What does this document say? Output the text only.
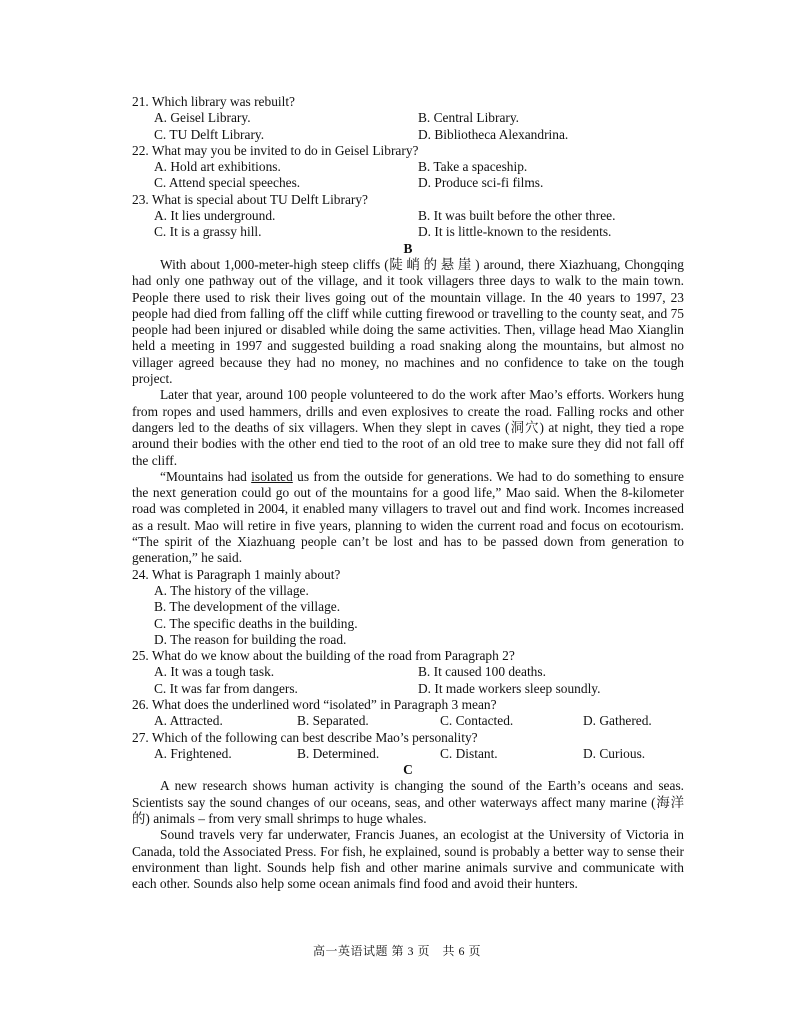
21. Which library was rebuilt?

A. Geisel Library.	B. Central Library.
C. TU Delft Library.	D. Bibliotheca Alexandrina.

22. What may you be invited to do in Geisel Library?

A. Hold art exhibitions.	B. Take a spaceship.
C. Attend special speeches.	D. Produce sci-fi films.

23. What is special about TU Delft Library?

A. It lies underground.	B. It was built before the other three.
C. It is a grassy hill.	D. It is little-known to the residents.

B

With about 1,000-meter-high steep cliffs (陡峭的悬崖) around, there Xiazhuang, Chongqing had only one pathway out of the village, and it took villagers three days to walk to the main town. People there used to risk their lives going out of the mountain village. In the 40 years to 1997, 23 people had died from falling off the cliff while cutting firewood or travelling to the county seat, and 75 people had been injured or disabled while doing the same activities. Then, village head Mao Xianglin held a meeting in 1997 and suggested building a road snaking along the mountains, but almost no villager agreed because they had no money, no machines and no confidence to take on the tough project.

Later that year, around 100 people volunteered to do the work after Mao’s efforts. Workers hung from ropes and used hammers, drills and even explosives to create the road. Falling rocks and other dangers led to the deaths of six villagers. When they slept in caves (洞穴) at night, they tied a rope around their bodies with the other end tied to the root of an old tree to make sure they did not fall off the cliff.

“Mountains had isolated us from the outside for generations. We had to do something to ensure the next generation could go out of the mountains for a good life,” Mao said. When the 8-kilometer road was completed in 2004, it enabled many villagers to travel out and find work. Incomes increased as a result. Mao will retire in five years, planning to widen the current road and focus on ecotourism. “The spirit of the Xiazhuang people can’t be lost and has to be passed down from generation to generation,” he said.

24. What is Paragraph 1 mainly about?

A. The history of the village.
B. The development of the village.
C. The specific deaths in the building.
D. The reason for building the road.

25. What do we know about the building of the road from Paragraph 2?

A. It was a tough task.	B. It caused 100 deaths.
C. It was far from dangers.	D. It made workers sleep soundly.

26. What does the underlined word “isolated” in Paragraph 3 mean?

A. Attracted.	B. Separated.	C. Contacted.	D. Gathered.

27. Which of the following can best describe Mao’s personality?

A. Frightened.	B. Determined.	C. Distant.	D. Curious.

C

A new research shows human activity is changing the sound of the Earth’s oceans and seas. Scientists say the sound changes of our oceans, seas, and other waterways affect many marine (海洋的) animals – from very small shrimps to huge whales.

Sound travels very far underwater, Francis Juanes, an ecologist at the University of Victoria in Canada, told the Associated Press. For fish, he explained, sound is probably a better way to sense their environment than light. Sounds help fish and other marine animals survive and communicate with each other. Sounds also help some ocean animals find food and avoid their hunters.

高一英语试题 第 3 页　共 6 页
